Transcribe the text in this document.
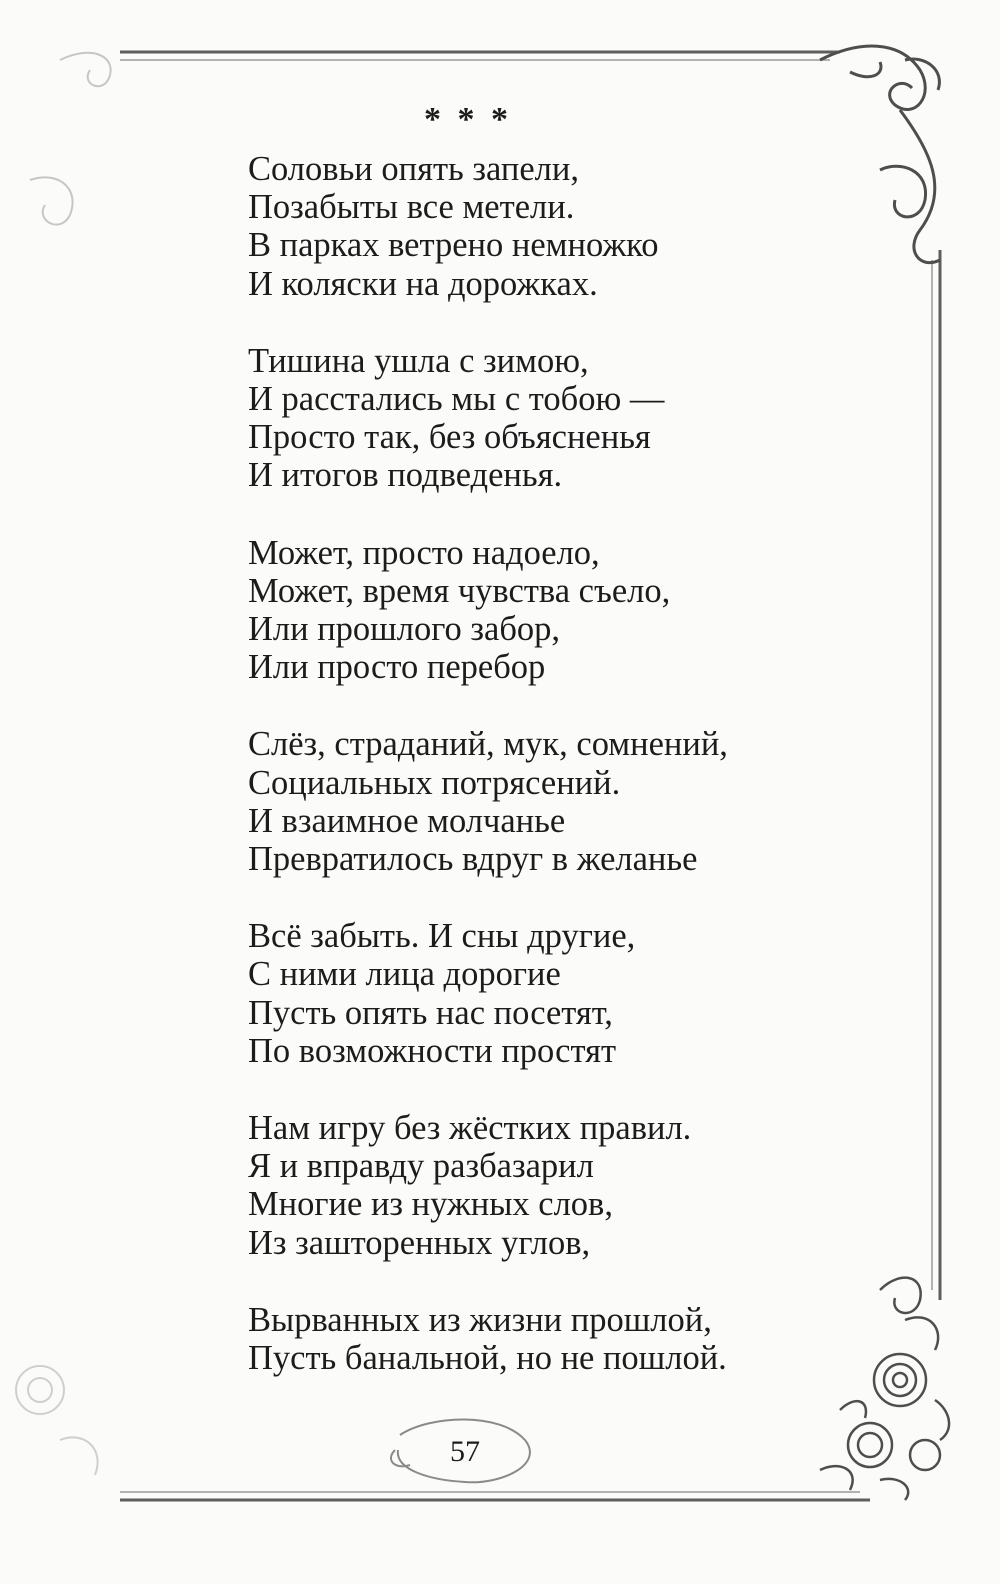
* * *
Соловьи опять запели,
Позабыты все метели.
В парках ветрено немножко
И коляски на дорожках.
Тишина ушла с зимою,
И расстались мы с тобою —
Просто так, без объясненья
И итогов подведенья.
Может, просто надоело,
Может, время чувства съело,
Или прошлого забор,
Или просто перебор
Слёз, страданий, мук, сомнений,
Социальных потрясений.
И взаимное молчанье
Превратилось вдруг в желанье
Всё забыть. И сны другие,
С ними лица дорогие
Пусть опять нас посетят,
По возможности простят
Нам игру без жёстких правил.
Я и вправду разбазарил
Многие из нужных слов,
Из зашторенных углов,
Вырванных из жизни прошлой,
Пусть банальной, но не пошлой.
57
